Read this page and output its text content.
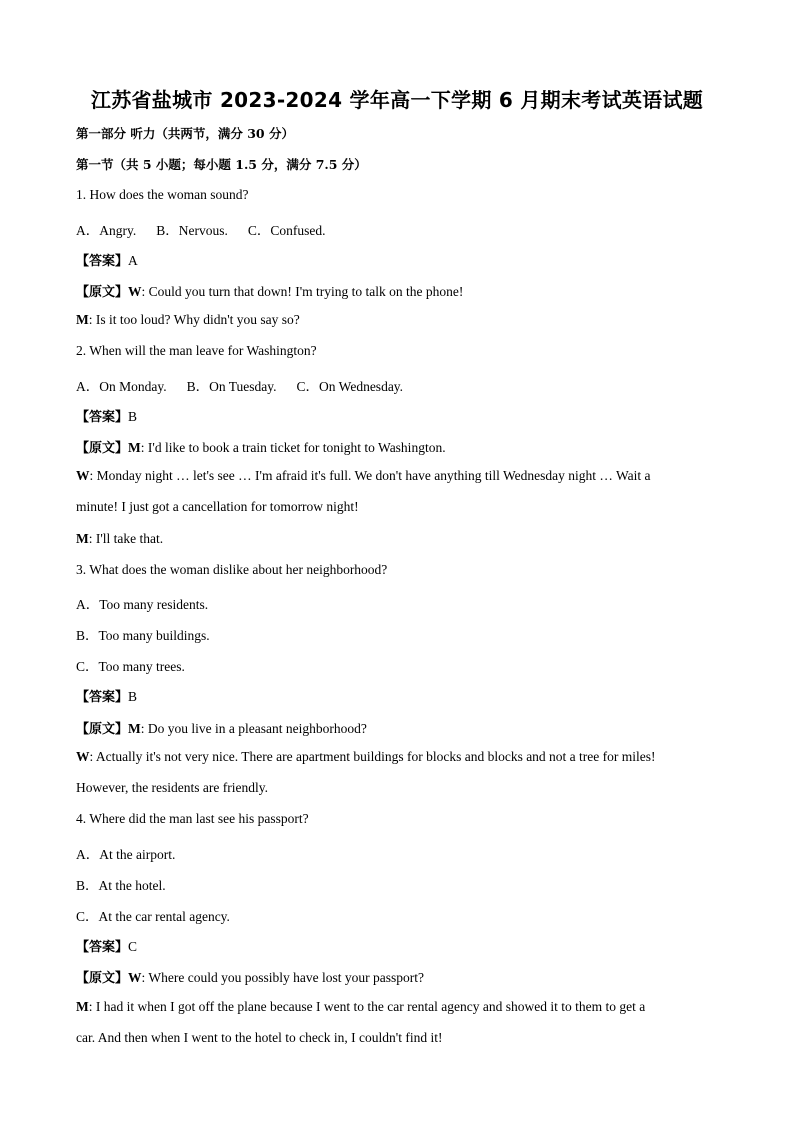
江苏省盐城市 2023-2024 学年高一下学期 6 月期末考试英语试题
第一部分 听力（共两节，满分 30 分）
第一节（共 5 小题；每小题 1.5 分，满分 7.5 分）
1. How does the woman sound?
A．Angry. B．Nervous. C．Confused.
【答案】A
【原文】W: Could you turn that down! I'm trying to talk on the phone!
M: Is it too loud? Why didn't you say so?
2. When will the man leave for Washington?
A．On Monday. B．On Tuesday. C．On Wednesday.
【答案】B
【原文】M: I'd like to book a train ticket for tonight to Washington.
W: Monday night … let's see … I'm afraid it's full. We don't have anything till Wednesday night … Wait a
minute! I just got a cancellation for tomorrow night!
M: I'll take that.
3. What does the woman dislike about her neighborhood?
A．Too many residents.
B．Too many buildings.
C．Too many trees.
【答案】B
【原文】M: Do you live in a pleasant neighborhood?
W: Actually it's not very nice. There are apartment buildings for blocks and blocks and not a tree for miles!
However, the residents are friendly.
4. Where did the man last see his passport?
A．At the airport.
B．At the hotel.
C．At the car rental agency.
【答案】C
【原文】W: Where could you possibly have lost your passport?
M: I had it when I got off the plane because I went to the car rental agency and showed it to them to get a
car. And then when I went to the hotel to check in, I couldn't find it!
